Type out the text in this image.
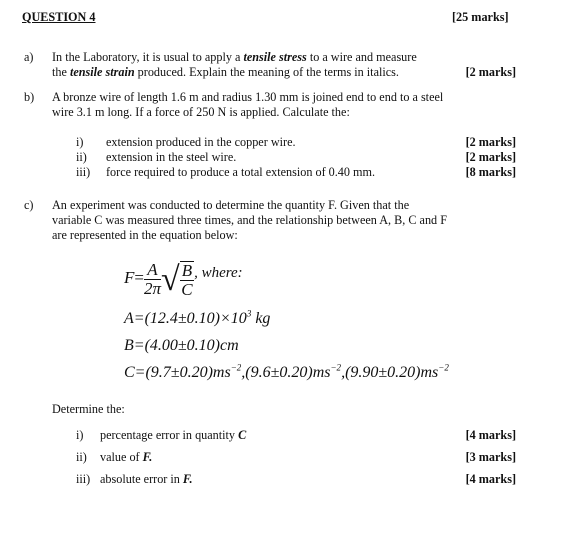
QUESTION 4	[25 marks]
a) In the Laboratory, it is usual to apply a tensile stress to a wire and measure
the tensile strain produced. Explain the meaning of the terms in italics.	[2 marks]
b) A bronze wire of length 1.6 m and radius 1.30 mm is joined end to end to a steel
wire 3.1 m long. If a force of 250 N is applied. Calculate the:
i) extension produced in the copper wire.	[2 marks]
ii) extension in the steel wire.	[2 marks]
iii) force required to produce a total extension of 0.40 mm.	[8 marks]
c) An experiment was conducted to determine the quantity F. Given that the
variable C was measured three times, and the relationship between A, B, C and F
are represented in the equation below:
$F= \frac{A}{2\pi}$ √ $\frac{B}{C}$ , where:
$A=(12.4\pm 0.10)\times 10^3$ kg
B=(4.00±0.10)cm
$C=(9.7\pm 0.20)ms^{-2},(9.6\pm 0.20)ms^{-2},(9.90\pm 0.20)ms^{-2}$
Determine the:
i) percentage error in quantity C	[4 marks]
ii) value of F.	[3 marks]
iii) absolute error in F.	[4 marks]
